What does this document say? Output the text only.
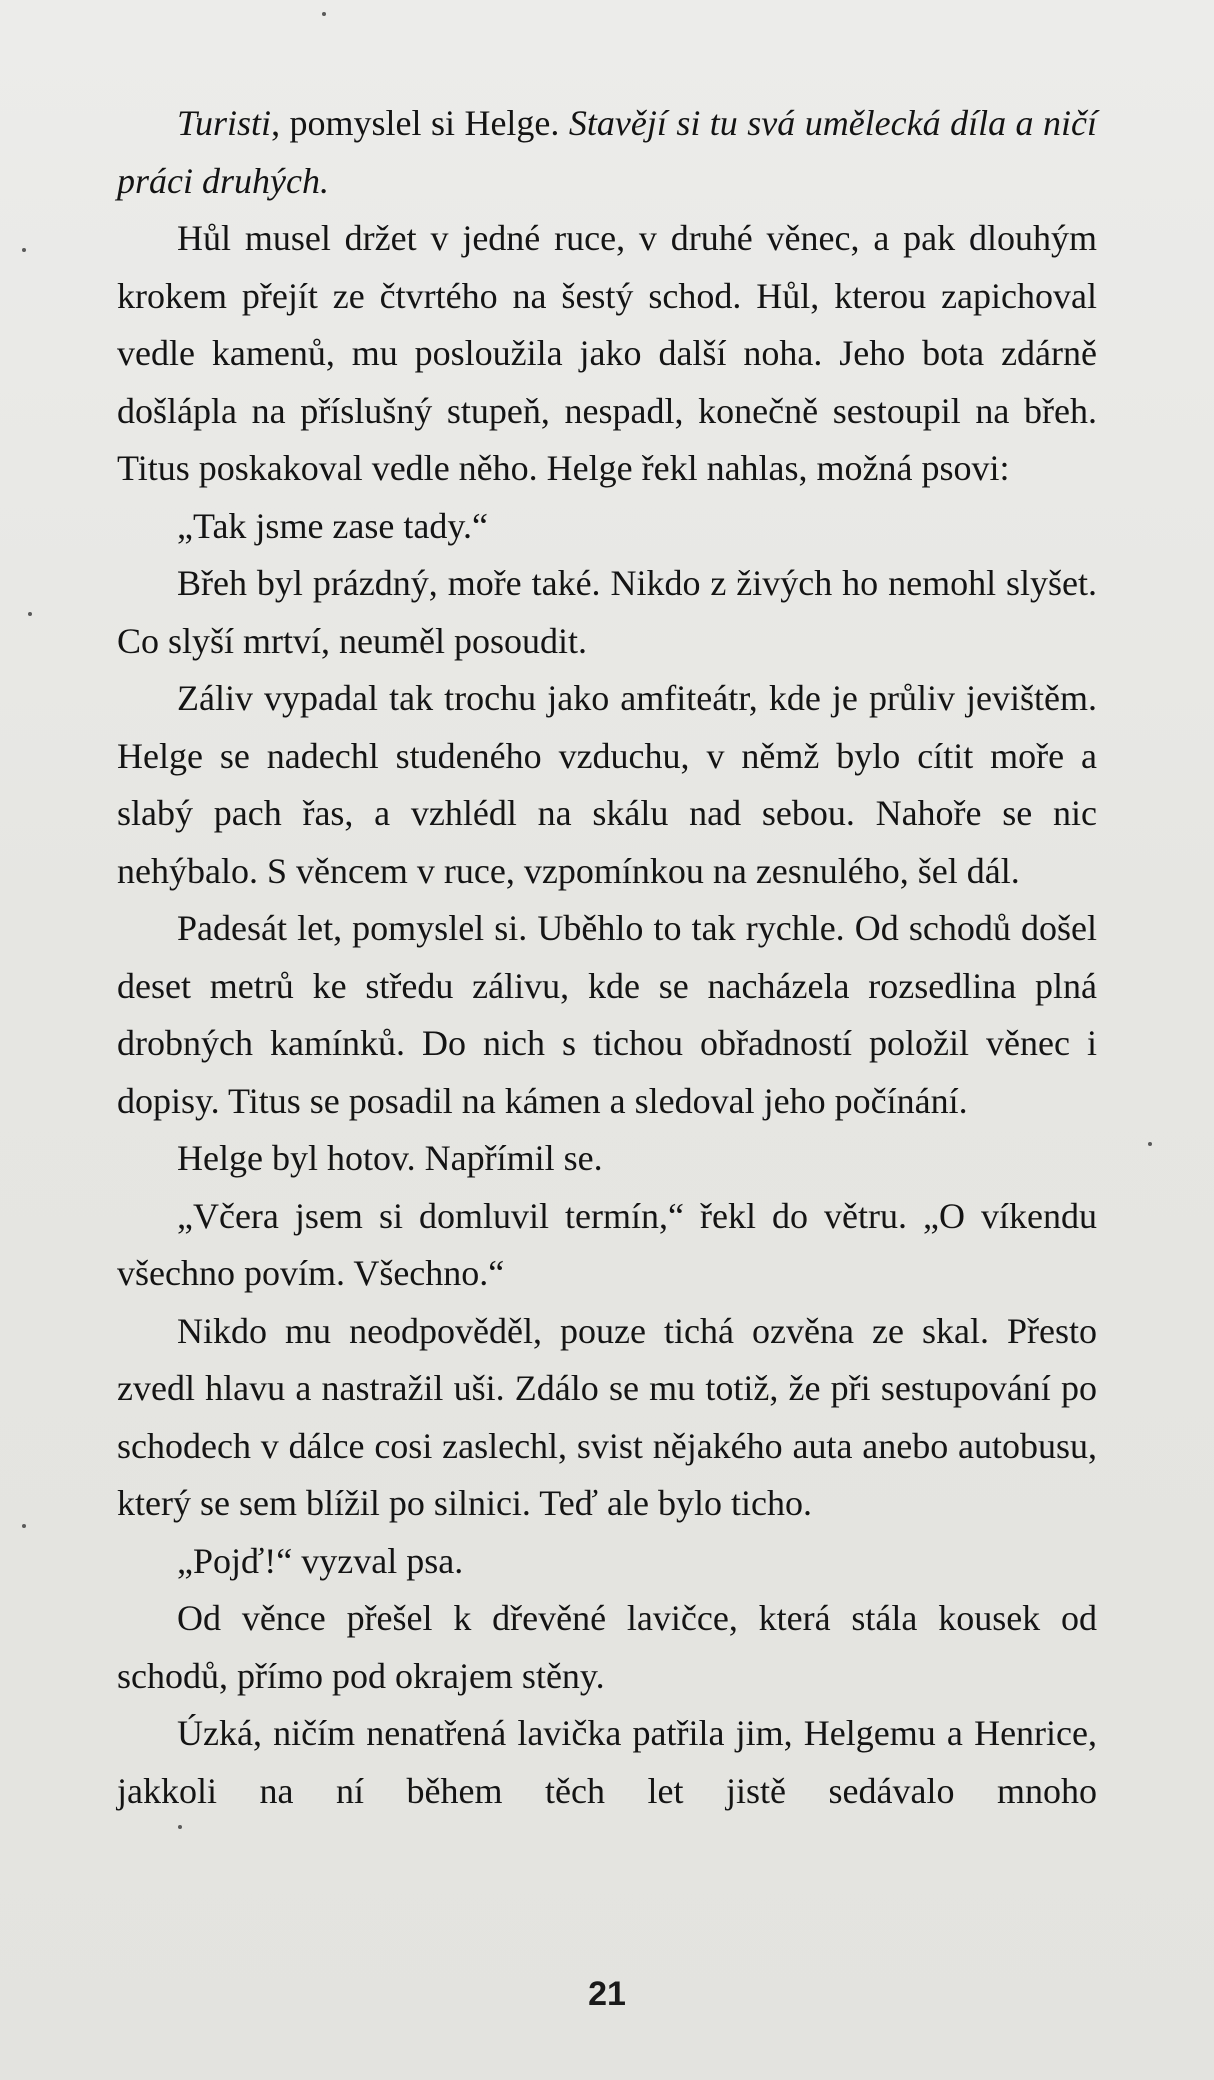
Turisti, pomyslel si Helge. Stavějí si tu svá umělecká díla a ničí práci druhých.

Hůl musel držet v jedné ruce, v druhé věnec, a pak dlouhým krokem přejít ze čtvrtého na šestý schod. Hůl, kterou zapichoval vedle kamenů, mu posloužila jako další noha. Jeho bota zdárně došlápla na příslušný stupeň, nespadl, konečně sestoupil na břeh. Titus poskakoval vedle něho. Helge řekl nahlas, možná psovi:

„Tak jsme zase tady.“

Břeh byl prázdný, moře také. Nikdo z živých ho nemohl slyšet. Co slyší mrtví, neuměl posoudit.

Záliv vypadal tak trochu jako amfiteátr, kde je průliv jevištěm. Helge se nadechl studeného vzduchu, v němž bylo cítit moře a slabý pach řas, a vzhlédl na skálu nad sebou. Nahoře se nic nehýbalo. S věncem v ruce, vzpomínkou na zesnulého, šel dál.

Padesát let, pomyslel si. Uběhlo to tak rychle. Od schodů došel deset metrů ke středu zálivu, kde se nacházela rozsedlina plná drobných kamínků. Do nich s tichou obřadností položil věnec i dopisy. Titus se posadil na kámen a sledoval jeho počínání.

Helge byl hotov. Napřímil se.

„Včera jsem si domluvil termín,“ řekl do větru. „O víkendu všechno povím. Všechno.“

Nikdo mu neodpověděl, pouze tichá ozvěna ze skal. Přesto zvedl hlavu a nastražil uši. Zdálo se mu totiž, že při sestupování po schodech v dálce cosi zaslechl, svist nějakého auta anebo autobusu, který se sem blížil po silnici. Teď ale bylo ticho.

„Pojď!“ vyzval psa.

Od věnce přešel k dřevěné lavičce, která stála kousek od schodů, přímo pod okrajem stěny.

Úzká, ničím nenatřená lavička patřila jim, Helgemu a Henrice, jakkoli na ní během těch let jistě sedávalo mnoho

21
